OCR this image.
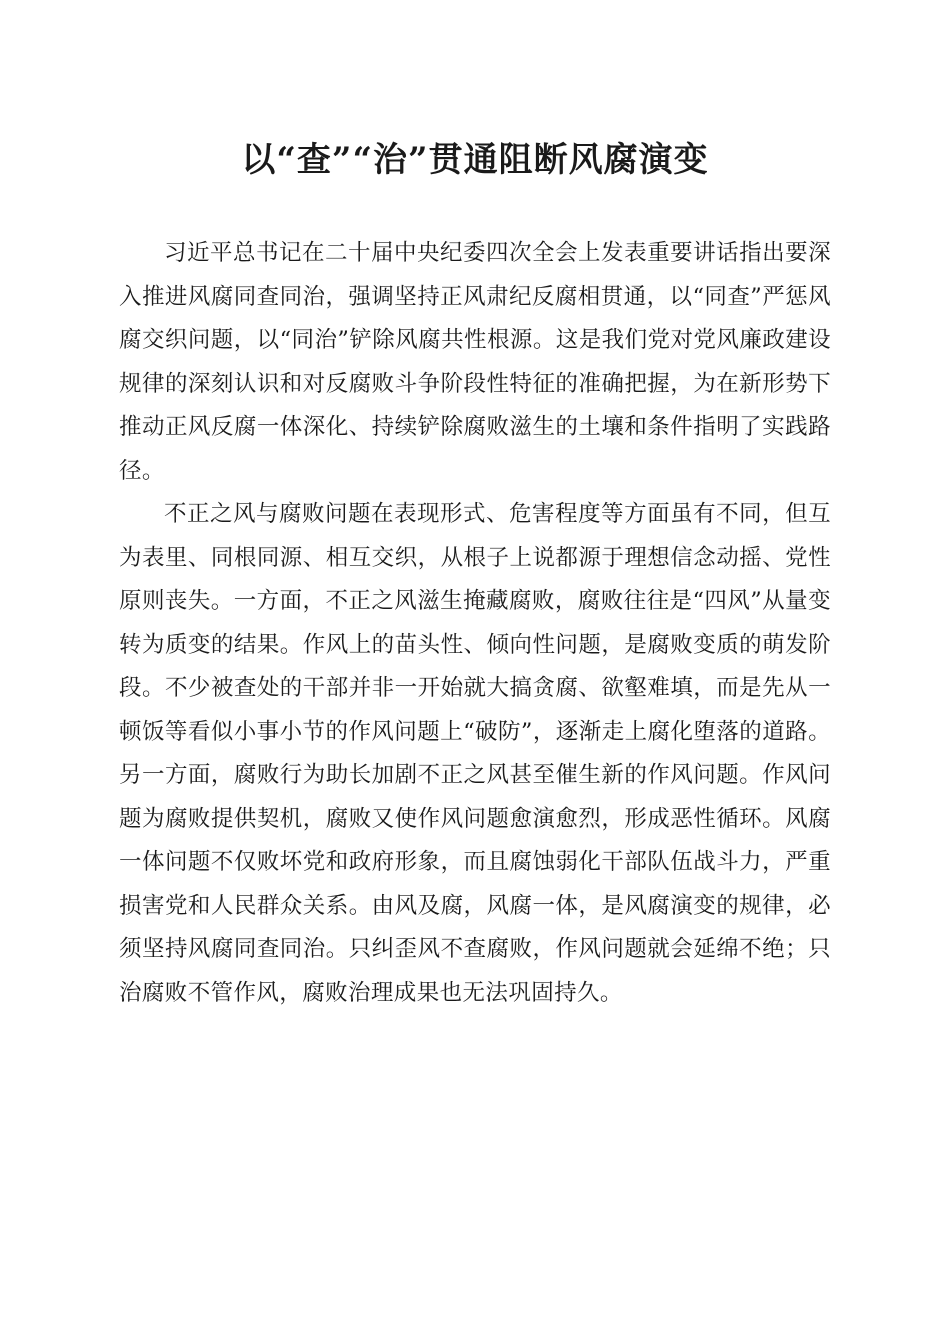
以“查”“治”贯通阻断风腐演变

习近平总书记在二十届中央纪委四次全会上发表重要讲话指出要深入推进风腐同查同治，强调坚持正风肃纪反腐相贯通，以“同查”严惩风腐交织问题，以“同治”铲除风腐共性根源。这是我们党对党风廉政建设规律的深刻认识和对反腐败斗争阶段性特征的准确把握，为在新形势下推动正风反腐一体深化、持续铲除腐败滋生的土壤和条件指明了实践路径。

不正之风与腐败问题在表现形式、危害程度等方面虽有不同，但互为表里、同根同源、相互交织，从根子上说都源于理想信念动摇、党性原则丧失。一方面，不正之风滋生掩藏腐败，腐败往往是“四风”从量变转为质变的结果。作风上的苗头性、倾向性问题，是腐败变质的萌发阶段。不少被查处的干部并非一开始就大搞贪腐、欲壑难填，而是先从一顿饭等看似小事小节的作风问题上“破防”，逐渐走上腐化堕落的道路。另一方面，腐败行为助长加剧不正之风甚至催生新的作风问题。作风问题为腐败提供契机，腐败又使作风问题愈演愈烈，形成恶性循环。风腐一体问题不仅败坏党和政府形象，而且腐蚀弱化干部队伍战斗力，严重损害党和人民群众关系。由风及腐，风腐一体，是风腐演变的规律，必须坚持风腐同查同治。只纠歪风不查腐败，作风问题就会延绵不绝；只治腐败不管作风，腐败治理成果也无法巩固持久。
